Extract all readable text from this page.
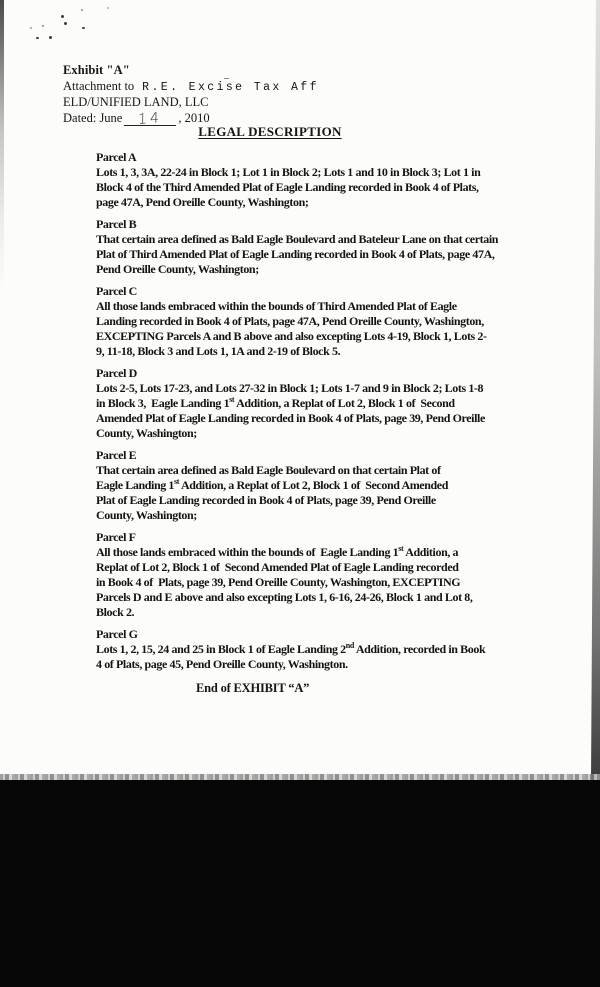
Exhibit "A"
Attachment to R.E. Excise Tax Aff
ELD/UNIFIED LAND, LLC
Dated: June 14 , 2010
LEGAL DESCRIPTION
Parcel A
Lots 1, 3, 3A, 22-24 in Block 1; Lot 1 in Block 2; Lots 1 and 10 in Block 3; Lot 1 in
Block 4 of the Third Amended Plat of Eagle Landing recorded in Book 4 of Plats,
page 47A, Pend Oreille County, Washington;
Parcel B
That certain area defined as Bald Eagle Boulevard and Bateleur Lane on that certain
Plat of Third Amended Plat of Eagle Landing recorded in Book 4 of Plats, page 47A,
Pend Oreille County, Washington;
Parcel C
All those lands embraced within the bounds of Third Amended Plat of Eagle
Landing recorded in Book 4 of Plats, page 47A, Pend Oreille County, Washington,
EXCEPTING Parcels A and B above and also excepting Lots 4-19, Block 1, Lots 2-
9, 11-18, Block 3 and Lots 1, 1A and 2-19 of Block 5.
Parcel D
Lots 2-5, Lots 17-23, and Lots 27-32 in Block 1; Lots 1-7 and 9 in Block 2; Lots 1-8
in Block 3,  Eagle Landing 1st Addition, a Replat of Lot 2, Block 1 of  Second
Amended Plat of Eagle Landing recorded in Book 4 of Plats, page 39, Pend Oreille
County, Washington;
Parcel E
That certain area defined as Bald Eagle Boulevard on that certain Plat of
Eagle Landing 1st Addition, a Replat of Lot 2, Block 1 of  Second Amended
Plat of Eagle Landing recorded in Book 4 of Plats, page 39, Pend Oreille
County, Washington;
Parcel F
All those lands embraced within the bounds of  Eagle Landing 1st Addition, a
Replat of Lot 2, Block 1 of  Second Amended Plat of Eagle Landing recorded
in Book 4 of  Plats, page 39, Pend Oreille County, Washington, EXCEPTING
Parcels D and E above and also excepting Lots 1, 6-16, 24-26, Block 1 and Lot 8,
Block 2.
Parcel G
Lots 1, 2, 15, 24 and 25 in Block 1 of Eagle Landing 2nd Addition, recorded in Book
4 of Plats, page 45, Pend Oreille County, Washington.
End of EXHIBIT “A”
